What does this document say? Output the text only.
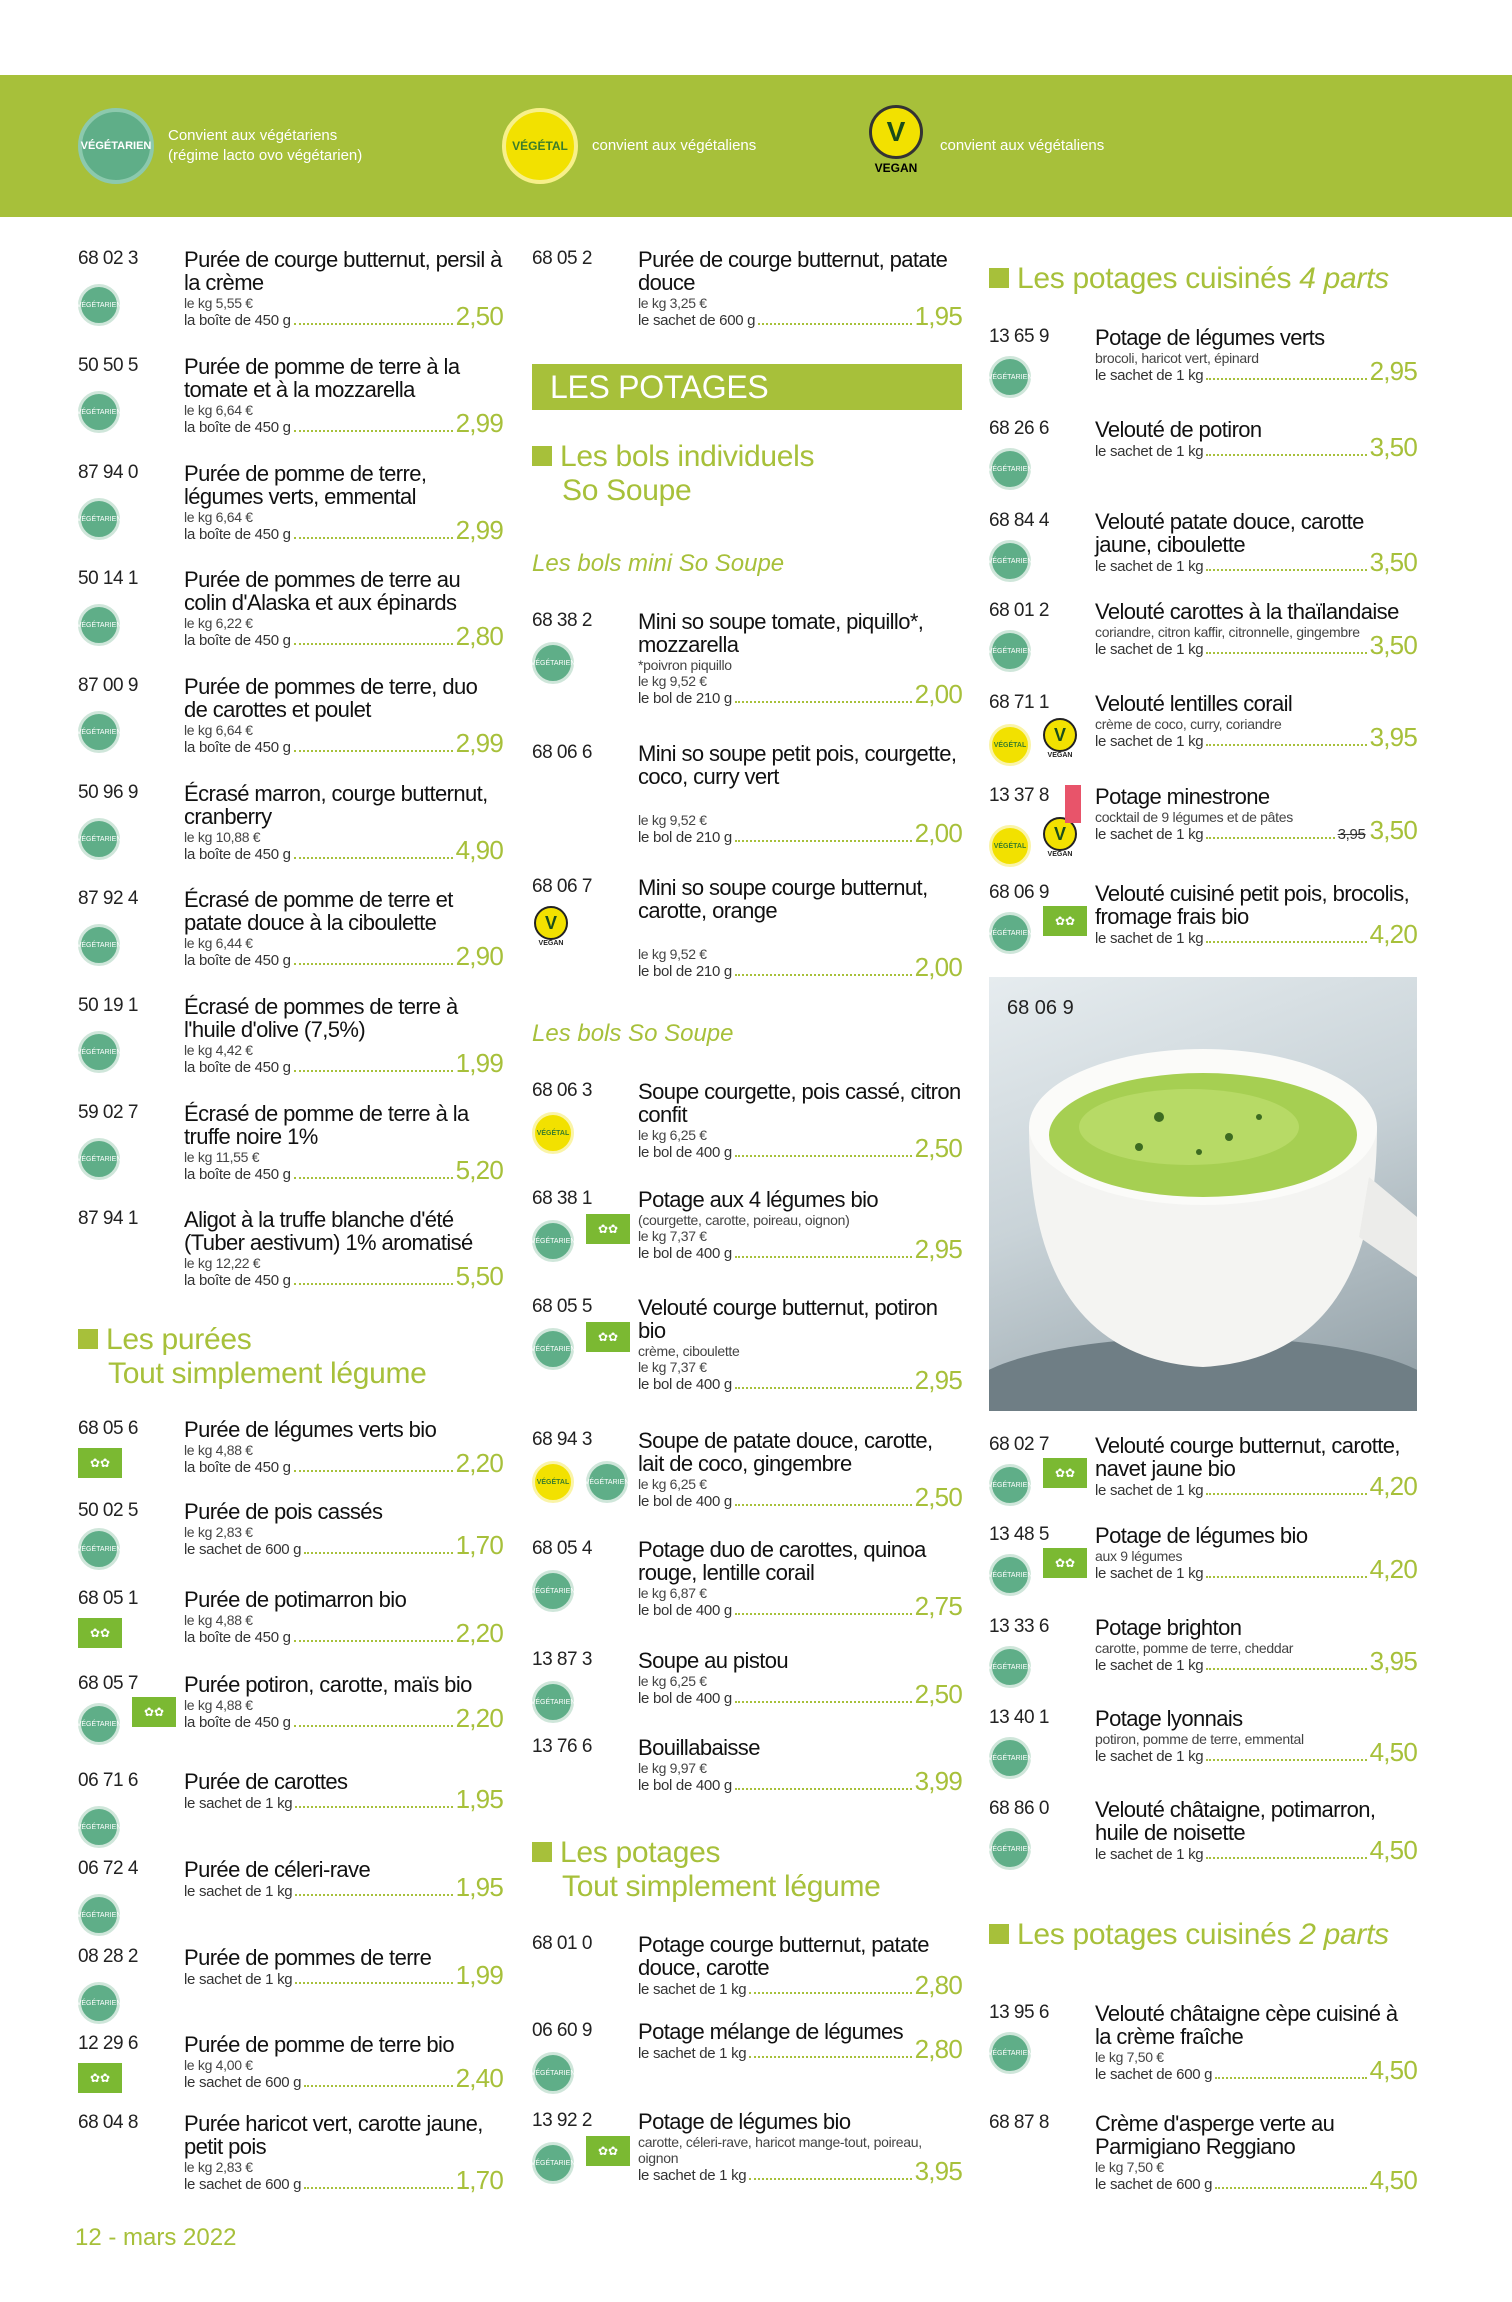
VÉGÉTARIEN
Convient aux végétariens
(régime lacto ovo végétarien)
VÉGÉTAL	convient aux végétaliens	V
VEGAN
convient aux végétaliens
68 02 3 Purée de courge butternut, persil à la crème
le kg 5,55 €
la boîte de 450 g	2,50
VÉGÉTARIEN
50 50 5 Purée de pomme de terre à la tomate et à la mozzarella
le kg 6,64 €
la boîte de 450 g	2,99
VÉGÉTARIEN
87 94 0 Purée de pomme de terre, légumes verts, emmental
le kg 6,64 €
la boîte de 450 g	2,99
VÉGÉTARIEN
50 14 1 Purée de pommes de terre au colin d'Alaska et aux épinards
le kg 6,22 €
la boîte de 450 g	2,80
VÉGÉTARIEN
87 00 9 Purée de pommes de terre, duo de carottes et poulet
le kg 6,64 €
la boîte de 450 g	2,99
VÉGÉTARIEN
50 96 9 Écrasé marron, courge butternut, cranberry
le kg 10,88 €
la boîte de 450 g	4,90
VÉGÉTARIEN
87 92 4 Écrasé de pomme de terre et patate douce à la ciboulette
le kg 6,44 €
la boîte de 450 g	2,90
VÉGÉTARIEN
50 19 1 Écrasé de pommes de terre à l'huile d'olive (7,5%)
le kg 4,42 €
la boîte de 450 g	1,99
VÉGÉTARIEN
59 02 7 Écrasé de pomme de terre à la truffe noire 1%
le kg 11,55 €
la boîte de 450 g	5,20
VÉGÉTARIEN
87 94 1 Aligot à la truffe blanche d'été (Tuber aestivum) 1% aromatisé
le kg 12,22 €
la boîte de 450 g	5,50
Les purées
Tout simplement légume
68 05 6 Purée de légumes verts bio
le kg 4,88 €
la boîte de 450 g	2,20
✿✿
50 02 5 Purée de pois cassés
le kg 2,83 €
le sachet de 600 g	1,70
VÉGÉTARIEN
68 05 1 Purée de potimarron bio
le kg 4,88 €
la boîte de 450 g	2,20
✿✿
68 05 7 Purée potiron, carotte, maïs bio
le kg 4,88 €
la boîte de 450 g	2,20
VÉGÉTARIEN
✿✿
06 71 6 Purée de carottes
le sachet de 1 kg	1,95
VÉGÉTARIEN
06 72 4 Purée de céleri-rave
le sachet de 1 kg	1,95
VÉGÉTARIEN
08 28 2 Purée de pommes de terre
le sachet de 1 kg	1,99
VÉGÉTARIEN
12 29 6 Purée de pomme de terre bio
le kg 4,00 €
le sachet de 600 g	2,40
✿✿
68 04 8 Purée haricot vert, carotte jaune, petit pois
le kg 2,83 €
le sachet de 600 g	1,70
68 05 2 Purée de courge butternut, patate douce
le kg 3,25 €
le sachet de 600 g	1,95
LES POTAGES
Les bols individuels
So Soupe
Les bols mini So Soupe
68 38 2 Mini so soupe tomate, piquillo*, mozzarella
*poivron piquillo
le kg 9,52 €
le bol de 210 g	2,00
VÉGÉTARIEN
68 06 6 Mini so soupe petit pois, courgette, coco, curry vert
le kg 9,52 €
le bol de 210 g	2,00
68 06 7 Mini so soupe courge butternut, carotte, orange
le kg 9,52 €
le bol de 210 g	2,00
V
VEGAN
Les bols So Soupe
68 06 3 Soupe courgette, pois cassé, citron confit
le kg 6,25 €
le bol de 400 g	2,50
VÉGÉTAL
68 38 1 Potage aux 4 légumes bio
(courgette, carotte, poireau, oignon)
le kg 7,37 €
le bol de 400 g	2,95
VÉGÉTARIEN
✿✿
68 05 5 Velouté courge butternut, potiron bio
crème, ciboulette
le kg 7,37 €
le bol de 400 g	2,95
VÉGÉTARIEN
✿✿
68 94 3 Soupe de patate douce, carotte, lait de coco, gingembre
le kg 6,25 €
le bol de 400 g	2,50
VÉGÉTAL	VÉGÉTARIEN
68 05 4 Potage duo de carottes, quinoa rouge, lentille corail
le kg 6,87 €
le bol de 400 g	2,75
VÉGÉTARIEN
13 87 3 Soupe au pistou
le kg 6,25 €
le bol de 400 g	2,50
VÉGÉTARIEN
13 76 6 Bouillabaisse
le kg 9,97 €
le bol de 400 g	3,99
Les potages
Tout simplement légume
68 01 0 Potage courge butternut, patate douce, carotte
le sachet de 1 kg	2,80
06 60 9 Potage mélange de légumes
le sachet de 1 kg	2,80
VÉGÉTARIEN
13 92 2 Potage de légumes bio
carotte, céleri-rave, haricot mange-tout, poireau, oignon
le sachet de 1 kg	3,95
VÉGÉTARIEN
✿✿
Les potages cuisinés 4 parts
13 65 9 Potage de légumes verts
brocoli, haricot vert, épinard
le sachet de 1 kg	2,95
VÉGÉTARIEN
68 26 6 Velouté de potiron
le sachet de 1 kg	3,50
VÉGÉTARIEN
68 84 4 Velouté patate douce, carotte jaune, ciboulette
le sachet de 1 kg	3,50
VÉGÉTARIEN
68 01 2 Velouté carottes à la thaïlandaise
coriandre, citron kaffir, citronnelle, gingembre
le sachet de 1 kg	3,50
VÉGÉTARIEN
68 71 1 Velouté lentilles corail
crème de coco, curry, coriandre
le sachet de 1 kg	3,95
VÉGÉTAL
V
VEGAN
13 37 8 Potage minestrone
cocktail de 9 légumes et de pâtes
le sachet de 1 kg	3,95 3,50
VÉGÉTAL
V
VEGAN
68 06 9 Velouté cuisiné petit pois, brocolis, fromage frais bio
le sachet de 1 kg	4,20
VÉGÉTARIEN
✿✿
68 02 7 Velouté courge butternut, carotte, navet jaune bio
le sachet de 1 kg	4,20
VÉGÉTARIEN
✿✿
13 48 5 Potage de légumes bio
aux 9 légumes
le sachet de 1 kg	4,20
VÉGÉTARIEN
✿✿
13 33 6 Potage brighton
carotte, pomme de terre, cheddar
le sachet de 1 kg	3,95
VÉGÉTARIEN
13 40 1 Potage lyonnais
potiron, pomme de terre, emmental
le sachet de 1 kg	4,50
VÉGÉTARIEN
68 86 0 Velouté châtaigne, potimarron, huile de noisette
le sachet de 1 kg	4,50
VÉGÉTARIEN
Les potages cuisinés 2 parts
13 95 6 Velouté châtaigne cèpe cuisiné à la crème fraîche
le kg 7,50 €
le sachet de 600 g	4,50
VÉGÉTARIEN
68 87 8 Crème d'asperge verte au Parmigiano Reggiano
le kg 7,50 €
le sachet de 600 g	4,50
68 06 9
12 - mars 2022
